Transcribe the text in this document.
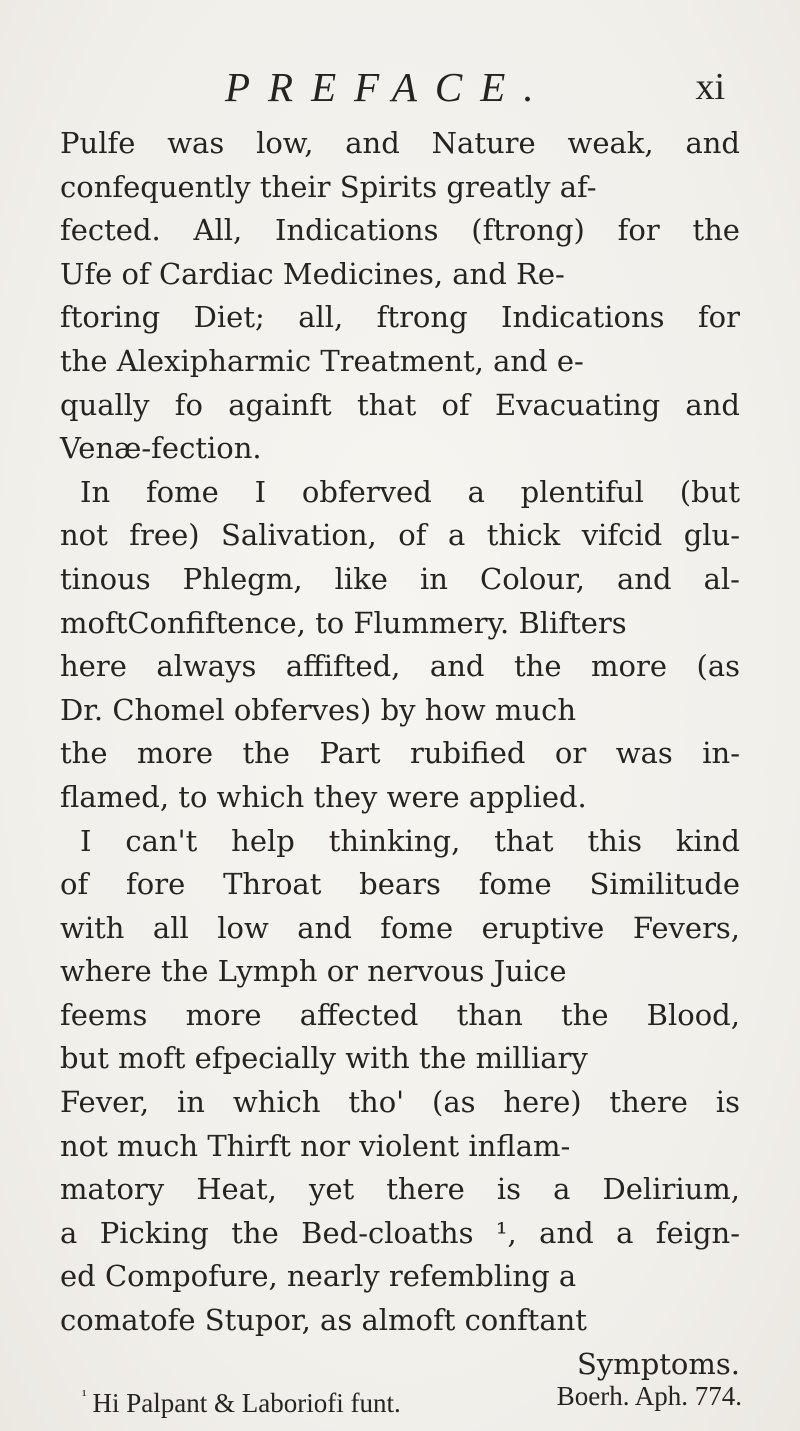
PREFACE.	xi
Pulfe was low, and Nature weak, and
confequently their Spirits greatly af-
fected. All, Indications (ftrong) for the
Ufe of Cardiac Medicines, and Re-
ftoring Diet; all, ftrong Indications for
the Alexipharmic Treatment, and e-
qually fo againft that of Evacuating and
Venæ-fection.
In fome I obferved a plentiful (but
not free) Salivation, of a thick vifcid glu-
tinous Phlegm, like in Colour, and al-
moftConfiftence, to Flummery. Blifters
here always affifted, and the more (as
Dr. Chomel obferves) by how much
the more the Part rubified or was in-
flamed, to which they were applied.
I can't help thinking, that this kind
of fore Throat bears fome Similitude
with all low and fome eruptive Fevers,
where the Lymph or nervous Juice
feems more affected than the Blood,
but moft efpecially with the milliary
Fever, in which tho' (as here) there is
not much Thirft nor violent inflam-
matory Heat, yet there is a Delirium,
a Picking the Bed-cloaths ¹, and a feign-
ed Compofure, nearly refembling a
comatofe Stupor, as almoft conftant
Symptoms.
$^{^1}$ Hi Palpant & Laboriofi funt.	Boerh. Aph. 774.
